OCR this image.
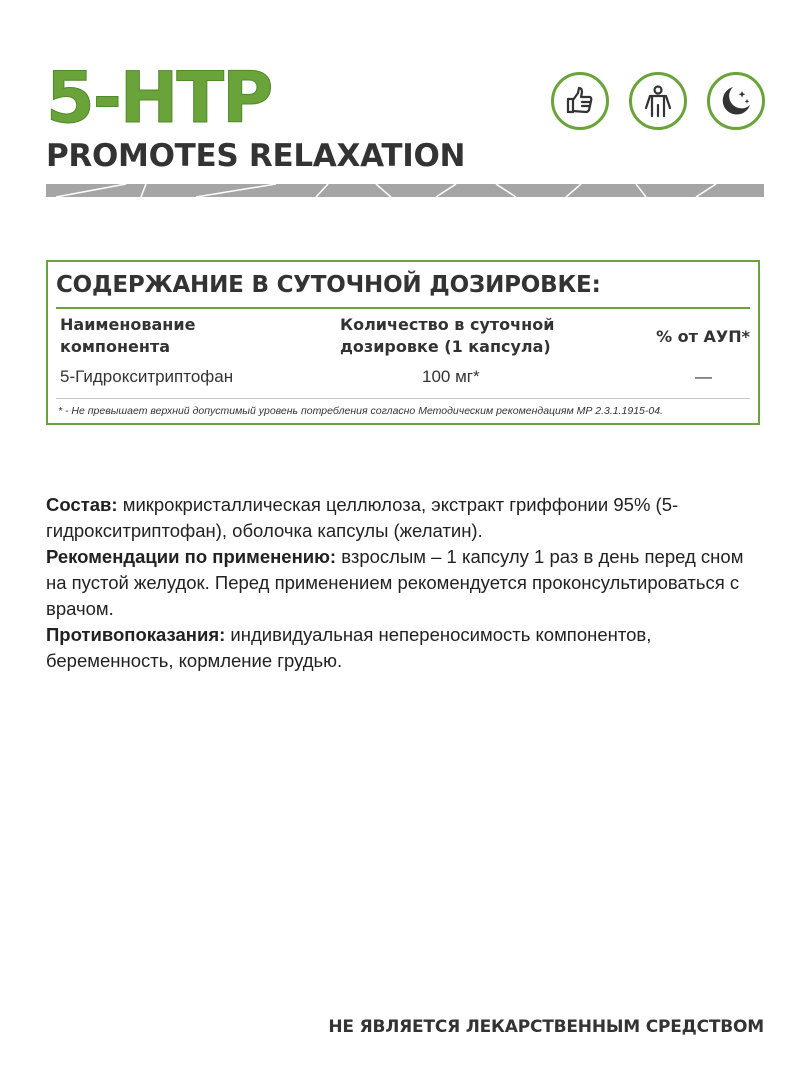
5-HTP
PROMOTES RELAXATION
СОДЕРЖАНИЕ В СУТОЧНОЙ ДОЗИРОВКЕ:
Наименование компонента
Количество в суточной дозировке (1 капсула)
% от АУП*
5-Гидрокситриптофан	100 мг*	—
* - Не превышает верхний допустимый уровень потребления согласно Методическим рекомендациям МР 2.3.1.1915-04.

Состав: микрокристаллическая целлюлоза, экстракт гриффонии 95% (5-гидрокситриптофан), оболочка капсулы (желатин).

Рекомендации по применению: взрослым – 1 капсулу 1 раз в день перед сном на пустой желудок. Перед применением рекомендуется проконсультироваться с врачом.

Противопоказания: индивидуальная непереносимость компонентов, беременность, кормление грудью.

НЕ ЯВЛЯЕТСЯ ЛЕКАРСТВЕННЫМ СРЕДСТВОМ
